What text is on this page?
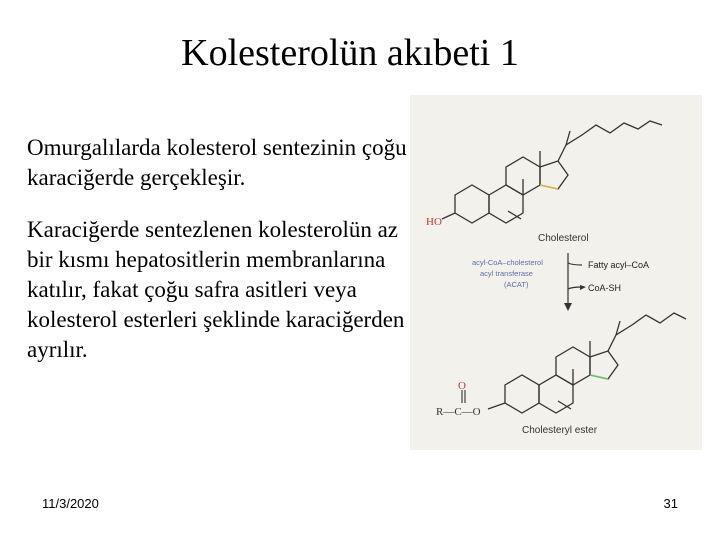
Kolesterolün akıbeti 1

Omurgalılarda kolesterol sentezinin çoğu karaciğerde gerçekleşir.

Karaciğerde sentezlenen kolesterolün az bir kısmı hepatositlerin membranlarına katılır, fakat çoğu safra asitleri veya kolesterol esterleri şeklinde karaciğerden ayrılır.

HO
Cholesterol
acyl-CoA–cholesterol
acyl transferase
(ACAT)
Fatty acyl–CoA
CoA-SH
O
R—C—O
Cholesteryl ester
11/3/2020	31
